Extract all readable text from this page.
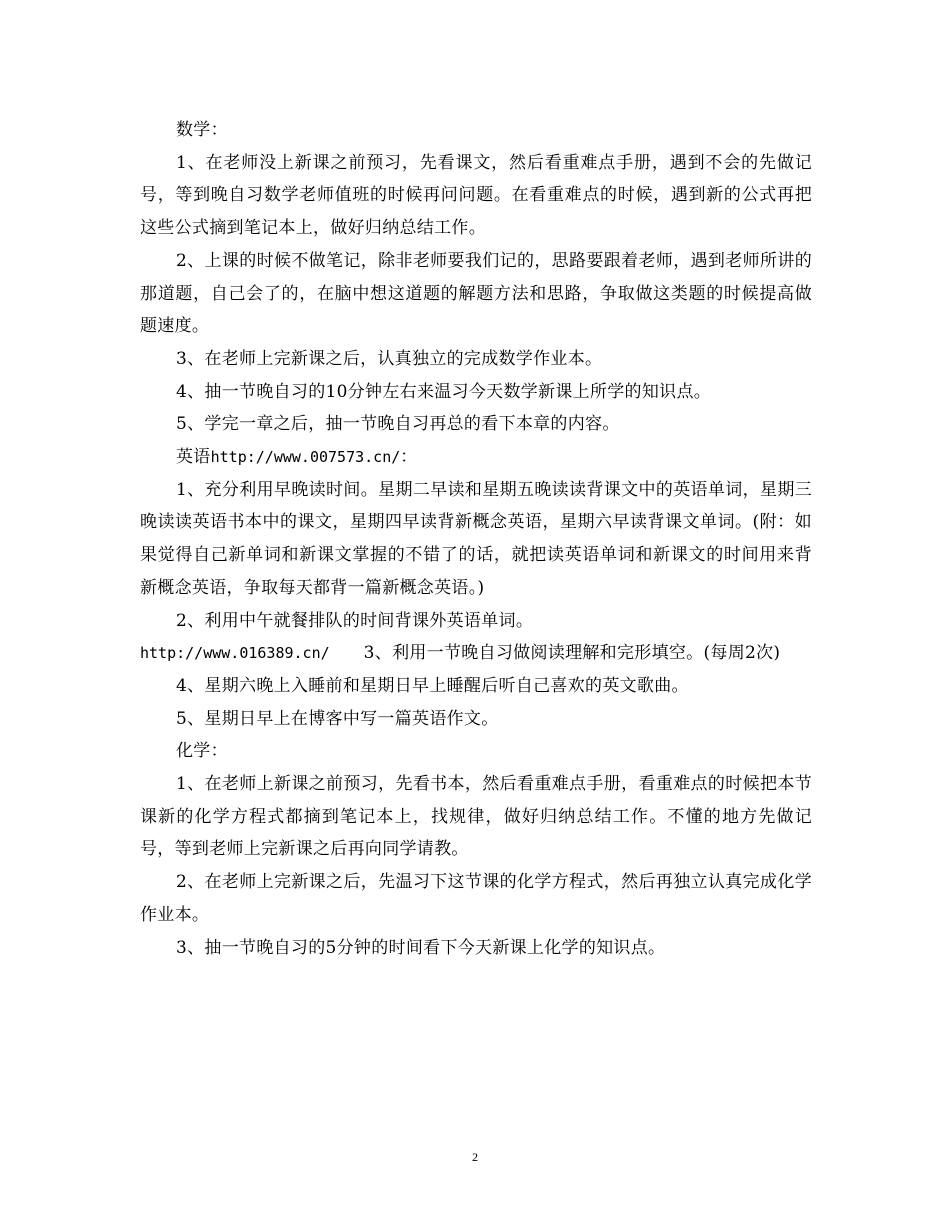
数学：

1、在老师没上新课之前预习，先看课文，然后看重难点手册，遇到不会的先做记号，等到晚自习数学老师值班的时候再问问题。在看重难点的时候，遇到新的公式再把这些公式摘到笔记本上，做好归纳总结工作。

2、上课的时候不做笔记，除非老师要我们记的，思路要跟着老师，遇到老师所讲的那道题，自己会了的，在脑中想这道题的解题方法和思路，争取做这类题的时候提高做题速度。

3、在老师上完新课之后，认真独立的完成数学作业本。

4、抽一节晚自习的10分钟左右来温习今天数学新课上所学的知识点。

5、学完一章之后，抽一节晚自习再总的看下本章的内容。

英语http://www.007573.cn/：

1、充分利用早晚读时间。星期二早读和星期五晚读读背课文中的英语单词，星期三晚读读英语书本中的课文，星期四早读背新概念英语，星期六早读背课文单词。(附：如果觉得自己新单词和新课文掌握的不错了的话，就把读英语单词和新课文的时间用来背新概念英语，争取每天都背一篇新概念英语。)

2、利用中午就餐排队的时间背课外英语单词。

http://www.016389.cn/ 3、利用一节晚自习做阅读理解和完形填空。(每周2次)

4、星期六晚上入睡前和星期日早上睡醒后听自己喜欢的英文歌曲。

5、星期日早上在博客中写一篇英语作文。

化学：

1、在老师上新课之前预习，先看书本，然后看重难点手册，看重难点的时候把本节课新的化学方程式都摘到笔记本上，找规律，做好归纳总结工作。不懂的地方先做记号，等到老师上完新课之后再向同学请教。

2、在老师上完新课之后，先温习下这节课的化学方程式，然后再独立认真完成化学作业本。

3、抽一节晚自习的5分钟的时间看下今天新课上化学的知识点。

2
